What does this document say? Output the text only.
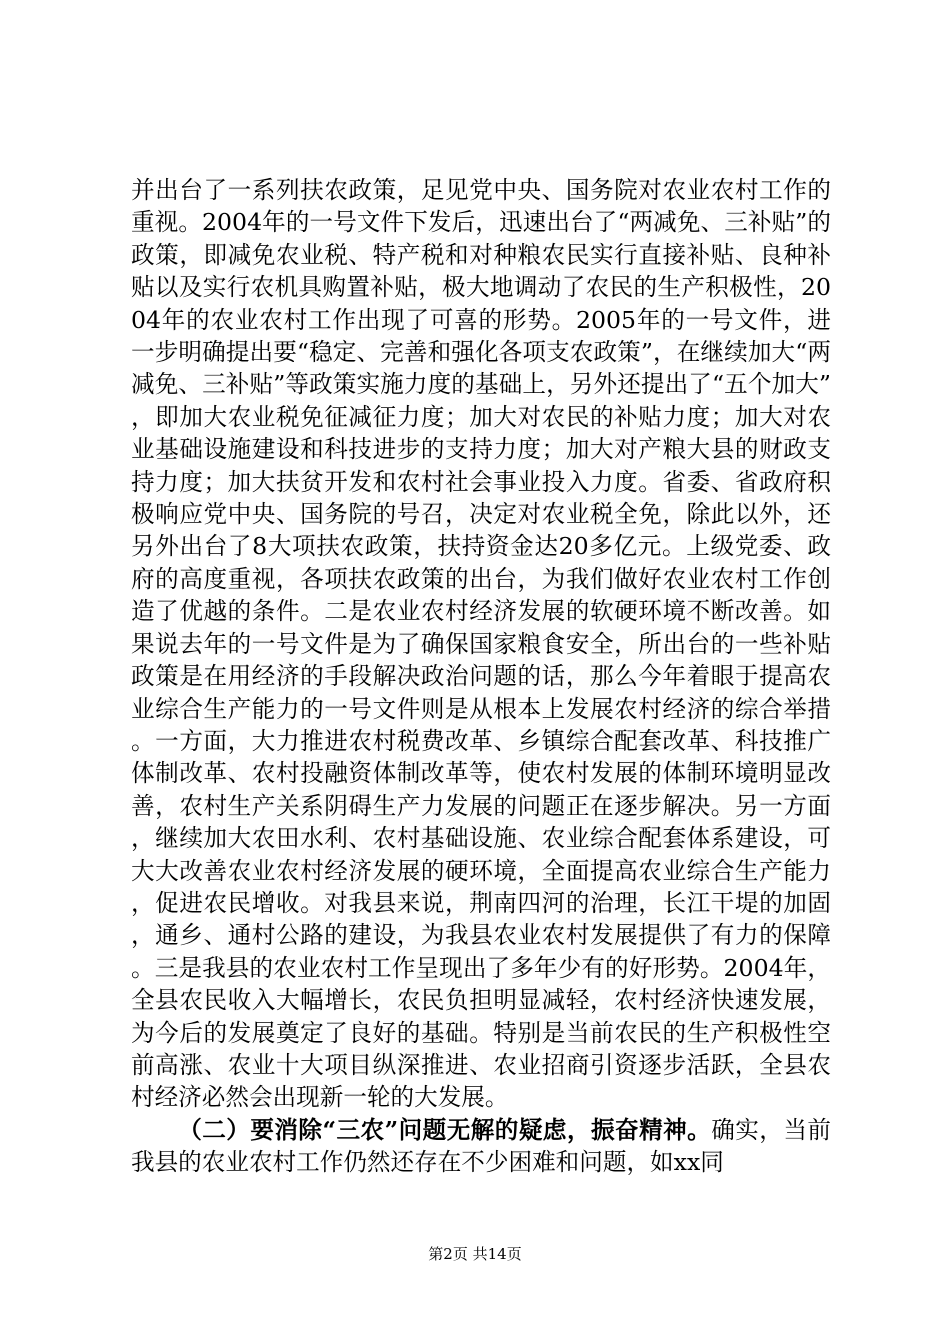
并出台了一系列扶农政策，足见党中央、国务院对农业农村工作的重视。2004年的一号文件下发后，迅速出台了“两减免、三补贴”的政策，即减免农业税、特产税和对种粮农民实行直接补贴、良种补贴以及实行农机具购置补贴，极大地调动了农民的生产积极性，2004年的农业农村工作出现了可喜的形势。2005年的一号文件，进一步明确提出要“稳定、完善和强化各项支农政策”，在继续加大“两减免、三补贴”等政策实施力度的基础上，另外还提出了“五个加大”，即加大农业税免征减征力度；加大对农民的补贴力度；加大对农业基础设施建设和科技进步的支持力度；加大对产粮大县的财政支持力度；加大扶贫开发和农村社会事业投入力度。省委、省政府积极响应党中央、国务院的号召，决定对农业税全免，除此以外，还另外出台了8大项扶农政策，扶持资金达20多亿元。上级党委、政府的高度重视，各项扶农政策的出台，为我们做好农业农村工作创造了优越的条件。二是农业农村经济发展的软硬环境不断改善。如果说去年的一号文件是为了确保国家粮食安全，所出台的一些补贴政策是在用经济的手段解决政治问题的话，那么今年着眼于提高农业综合生产能力的一号文件则是从根本上发展农村经济的综合举措。一方面，大力推进农村税费改革、乡镇综合配套改革、科技推广体制改革、农村投融资体制改革等，使农村发展的体制环境明显改善，农村生产关系阴碍生产力发展的问题正在逐步解决。另一方面，继续加大农田水利、农村基础设施、农业综合配套体系建设，可大大改善农业农村经济发展的硬环境，全面提高农业综合生产能力，促进农民增收。对我县来说，荆南四河的治理，长江干堤的加固，通乡、通村公路的建设，为我县农业农村发展提供了有力的保障。三是我县的农业农村工作呈现出了多年少有的好形势。2004年，全县农民收入大幅增长，农民负担明显减轻，农村经济快速发展，为今后的发展奠定了良好的基础。特别是当前农民的生产积极性空前高涨、农业十大项目纵深推进、农业招商引资逐步活跃，全县农村经济必然会出现新一轮的大发展。

（二）要消除“三农”问题无解的疑虑，振奋精神。确实，当前我县的农业农村工作仍然还存在不少困难和问题，如xx同

第2页 共14页
